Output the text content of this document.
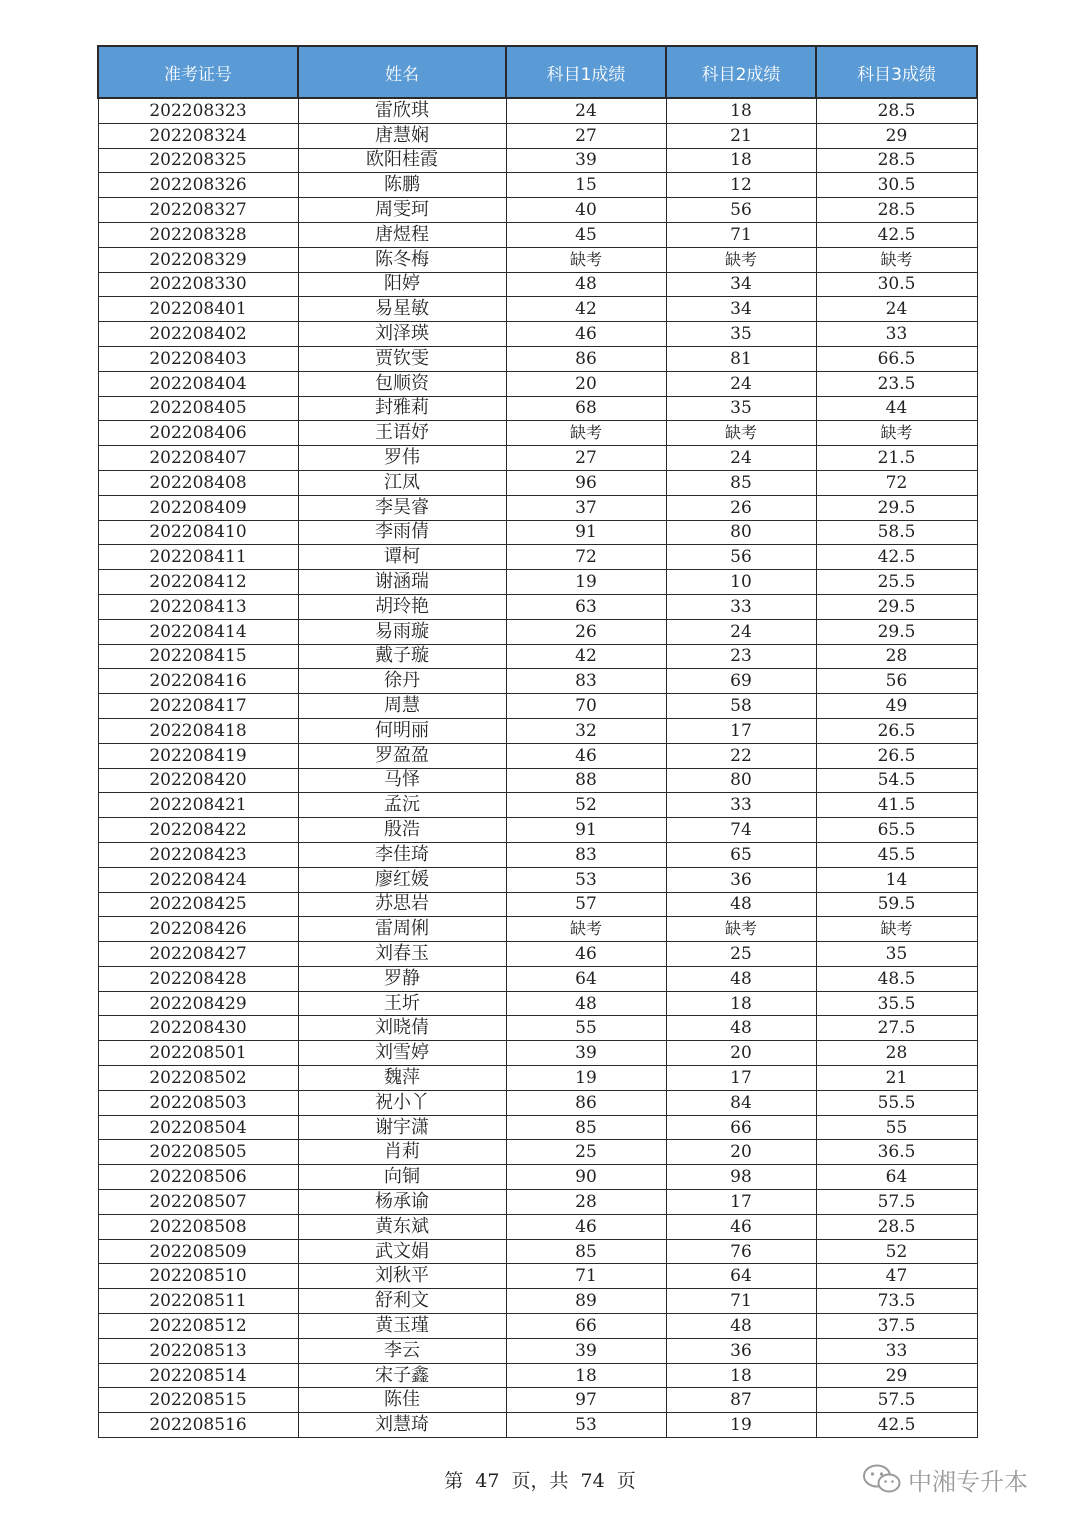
准考证号	姓名	科目1成绩	科目2成绩	科目3成绩
202208323	雷欣琪	24	18	28.5
202208324	唐慧娴	27	21	29
202208325	欧阳桂霞	39	18	28.5
202208326	陈鹏	15	12	30.5
202208327	周雯珂	40	56	28.5
202208328	唐煜程	45	71	42.5
202208329	陈冬梅	缺考	缺考	缺考
202208330	阳婷	48	34	30.5
202208401	易星敏	42	34	24
202208402	刘泽瑛	46	35	33
202208403	贾钦雯	86	81	66.5
202208404	包顺资	20	24	23.5
202208405	封雅莉	68	35	44
202208406	王语妤	缺考	缺考	缺考
202208407	罗伟	27	24	21.5
202208408	江凤	96	85	72
202208409	李昊睿	37	26	29.5
202208410	李雨倩	91	80	58.5
202208411	谭柯	72	56	42.5
202208412	谢涵瑞	19	10	25.5
202208413	胡玲艳	63	33	29.5
202208414	易雨璇	26	24	29.5
202208415	戴子璇	42	23	28
202208416	徐丹	83	69	56
202208417	周慧	70	58	49
202208418	何明丽	32	17	26.5
202208419	罗盈盈	46	22	26.5
202208420	马怿	88	80	54.5
202208421	孟沅	52	33	41.5
202208422	殷浩	91	74	65.5
202208423	李佳琦	83	65	45.5
202208424	廖红媛	53	36	14
202208425	苏思岩	57	48	59.5
202208426	雷周俐	缺考	缺考	缺考
202208427	刘春玉	46	25	35
202208428	罗静	64	48	48.5
202208429	王圻	48	18	35.5
202208430	刘晓倩	55	48	27.5
202208501	刘雪婷	39	20	28
202208502	魏萍	19	17	21
202208503	祝小丫	86	84	55.5
202208504	谢宇潇	85	66	55
202208505	肖莉	25	20	36.5
202208506	向铜	90	98	64
202208507	杨承谕	28	17	57.5
202208508	黄东斌	46	46	28.5
202208509	武文娟	85	76	52
202208510	刘秋平	71	64	47
202208511	舒利文	89	71	73.5
202208512	黄玉瑾	66	48	37.5
202208513	李云	39	36	33
202208514	宋子鑫	18	18	29
202208515	陈佳	97	87	57.5
202208516	刘慧琦	53	19	42.5
第 47 页，共 74 页	中湘专升本
